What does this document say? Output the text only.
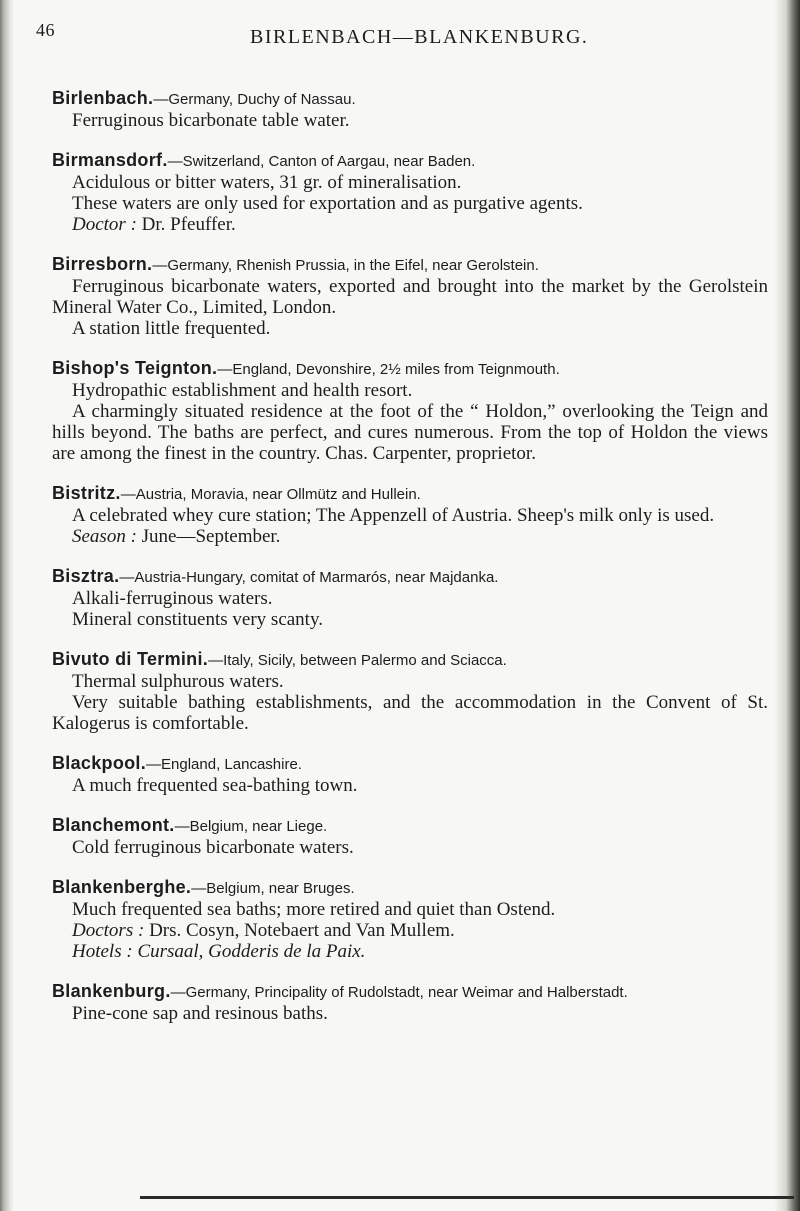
46	BIRLENBACH—BLANKENBURG.

Birlenbach.—Germany, Duchy of Nassau.

Ferruginous bicarbonate table water.

Birmansdorf.—Switzerland, Canton of Aargau, near Baden.

Acidulous or bitter waters, 31 gr. of mineralisation.

These waters are only used for exportation and as purgative agents.

Doctor : Dr. Pfeuffer.

Birresborn.—Germany, Rhenish Prussia, in the Eifel, near Gerolstein.

Ferruginous bicarbonate waters, exported and brought into the market by the Gerolstein Mineral Water Co., Limited, London.

A station little frequented.

Bishop's Teignton.—England, Devonshire, 2½ miles from Teignmouth.

Hydropathic establishment and health resort.

A charmingly situated residence at the foot of the “ Holdon,” overlooking the Teign and hills beyond. The baths are perfect, and cures numerous. From the top of Holdon the views are among the finest in the country. Chas. Carpenter, proprietor.

Bistritz.—Austria, Moravia, near Ollmütz and Hullein.

A celebrated whey cure station; The Appenzell of Austria. Sheep's milk only is used.

Season : June—September.

Bisztra.—Austria-Hungary, comitat of Marmarós, near Majdanka.

Alkali-ferruginous waters.

Mineral constituents very scanty.

Bivuto di Termini.—Italy, Sicily, between Palermo and Sciacca.

Thermal sulphurous waters.

Very suitable bathing establishments, and the accommodation in the Convent of St. Kalogerus is comfortable.

Blackpool.—England, Lancashire.

A much frequented sea-bathing town.

Blanchemont.—Belgium, near Liege.

Cold ferruginous bicarbonate waters.

Blankenberghe.—Belgium, near Bruges.

Much frequented sea baths; more retired and quiet than Ostend.

Doctors : Drs. Cosyn, Notebaert and Van Mullem.

Hotels : Cursaal, Godderis de la Paix.

Blankenburg.—Germany, Principality of Rudolstadt, near Weimar and Halberstadt.

Pine-cone sap and resinous baths.
